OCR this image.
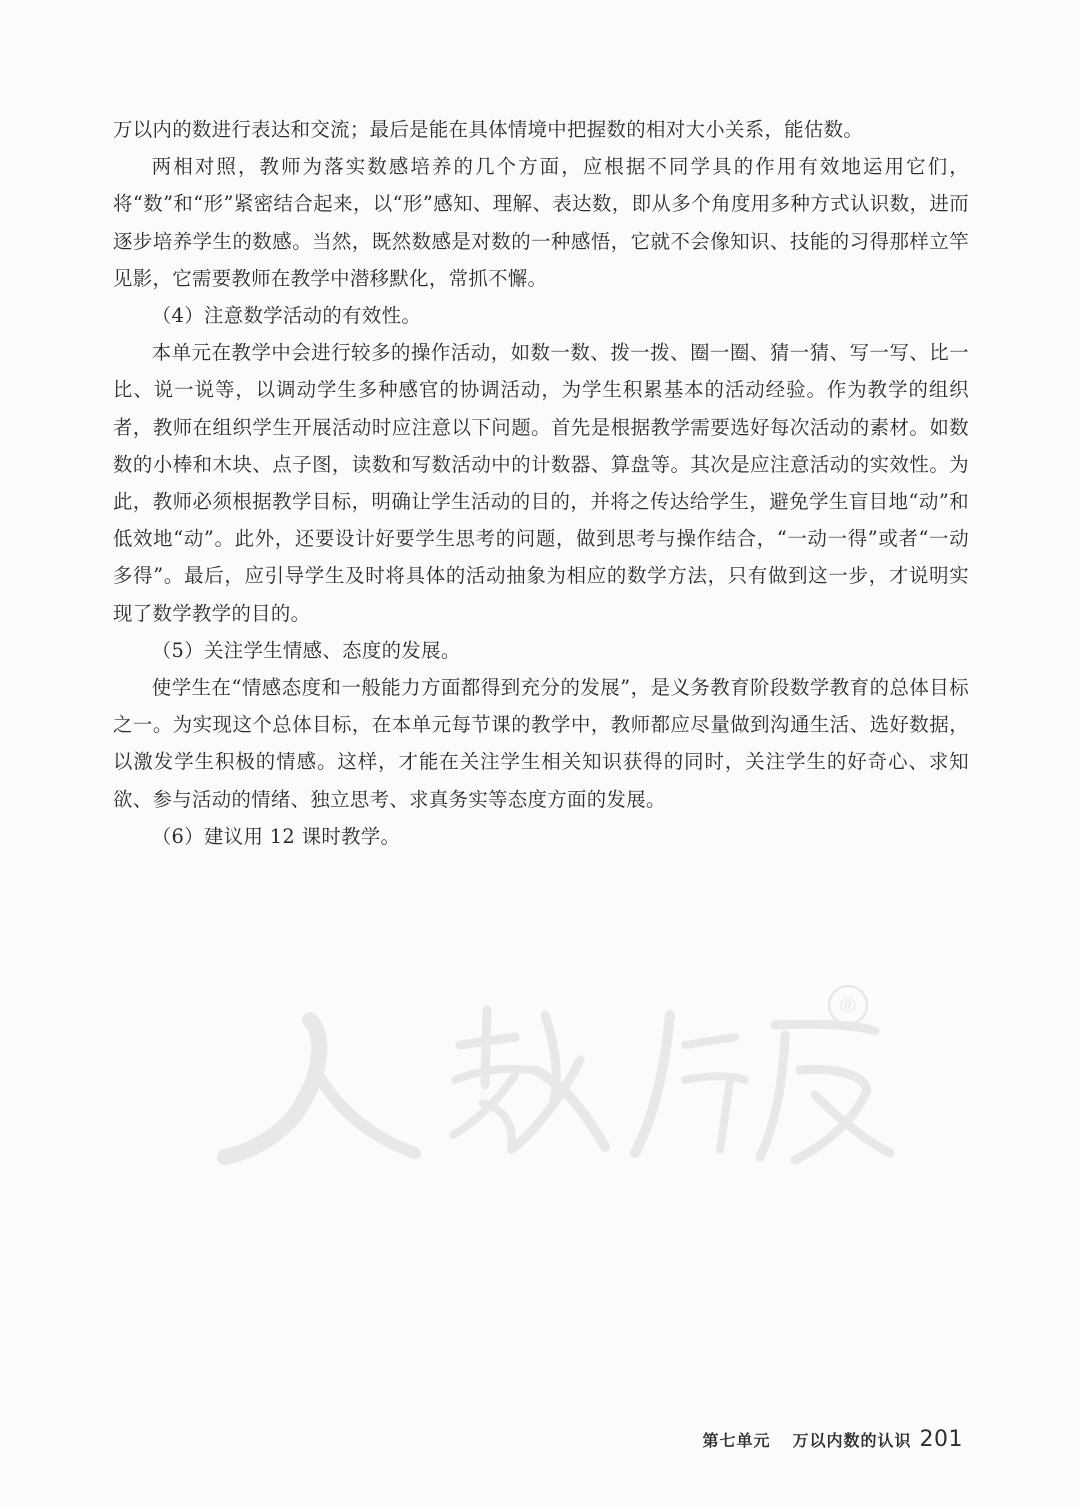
万以内的数进行表达和交流；最后是能在具体情境中把握数的相对大小关系，能估数。

两相对照，教师为落实数感培养的几个方面，应根据不同学具的作用有效地运用它们，将“数”和“形”紧密结合起来，以“形”感知、理解、表达数，即从多个角度用多种方式认识数，进而逐步培养学生的数感。当然，既然数感是对数的一种感悟，它就不会像知识、技能的习得那样立竿见影，它需要教师在教学中潜移默化，常抓不懈。

（4）注意数学活动的有效性。

本单元在教学中会进行较多的操作活动，如数一数、拨一拨、圈一圈、猜一猜、写一写、比一比、说一说等，以调动学生多种感官的协调活动，为学生积累基本的活动经验。作为教学的组织者，教师在组织学生开展活动时应注意以下问题。首先是根据教学需要选好每次活动的素材。如数数的小棒和木块、点子图，读数和写数活动中的计数器、算盘等。其次是应注意活动的实效性。为此，教师必须根据教学目标，明确让学生活动的目的，并将之传达给学生，避免学生盲目地“动”和低效地“动”。此外，还要设计好要学生思考的问题，做到思考与操作结合，“一动一得”或者“一动多得”。最后，应引导学生及时将具体的活动抽象为相应的数学方法，只有做到这一步，才说明实现了数学教学的目的。

（5）关注学生情感、态度的发展。

使学生在“情感态度和一般能力方面都得到充分的发展”，是义务教育阶段数学教育的总体目标之一。为实现这个总体目标，在本单元每节课的教学中，教师都应尽量做到沟通生活、选好数据，以激发学生积极的情感。这样，才能在关注学生相关知识获得的同时，关注学生的好奇心、求知欲、参与活动的情绪、独立思考、求真务实等态度方面的发展。

（6）建议用 12 课时教学。

®
第七单元 万以内数的认识 201
